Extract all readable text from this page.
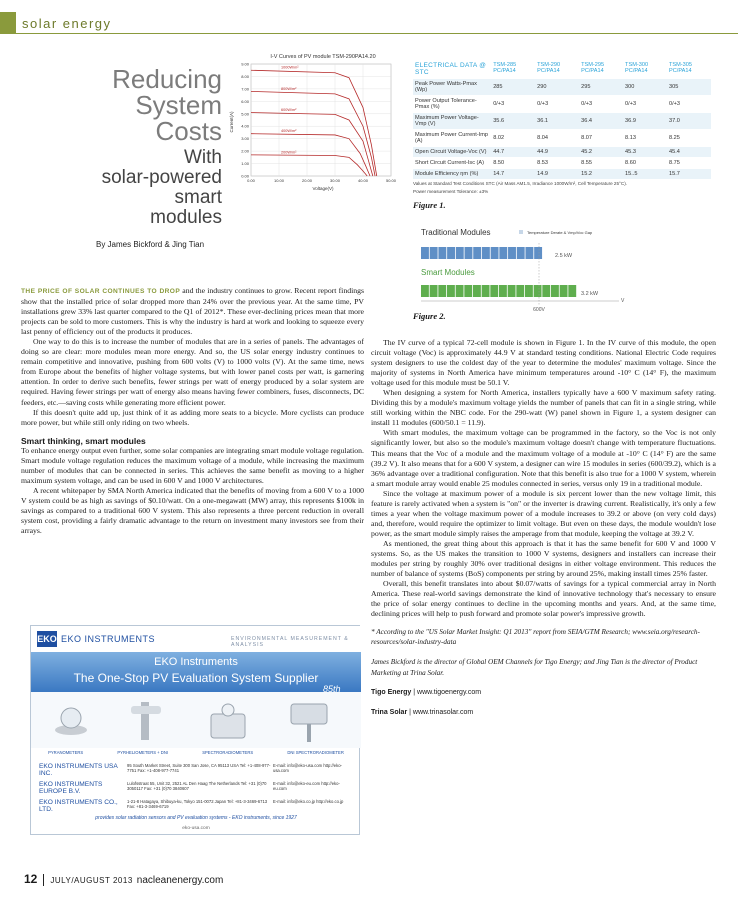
solar energy
Reducing
System
Costs
With
solar-powered
smart
modules
By James Bickford & Jing Tian
I-V Curves of PV module TSM-290PA14.20
1000W/m²
800W/m²
600W/m²
400W/m²
200W/m²
0.00
1.00
2.00
3.00
4.00
5.00
6.00
7.00
8.00
9.00
0.00	10.00	20.00	30.00	40.00	50.00
Voltage(V)
Current(A)
ELECTRICAL DATA @ STC	TSM-285 PC/PA14	TSM-290 PC/PA14	TSM-295 PC/PA14	TSM-300 PC/PA14	TSM-305 PC/PA14
Peak Power Watts-Pmax (Wp)	285	290	295	300	305
Power Output Tolerance-Pmax (%)	0/+3	0/+3	0/+3	0/+3	0/+3
Maximum Power Voltage-Vmp (V)	35.6	36.1	36.4	36.9	37.0
Maximum Power Current-Imp (A)	8.02	8.04	8.07	8.13	8.25
Open Circuit Voltage-Voc (V)	44.7	44.9	45.2	45.3	45.4
Short Circuit Current-Isc (A)	8.50	8.53	8.55	8.60	8.75
Module Efficiency ηm (%)	14.7	14.9	15.2	15..5	15.7
Values at Standard Test Conditions STC (Air Mass AM1.5, Irradiance 1000W/m², Cell Temperature 25°C).
Power measurement Tolerance: ±3%
Figure 1.
Traditional Modules	Temperature Derate & Vmp/Voc Gap
2.5 kW
Smart Modules
3.2 kW
600V
V
Figure 2.

THE PRICE OF SOLAR CONTINUES TO DROP and the industry continues to grow. Recent report findings show that the installed price of solar dropped more than 24% over the previous year. At the same time, PV installations grew 33% last quarter compared to the Q1 of 2012*. These ever-declining prices mean that more projects can be sold to more customers. This is why the industry is hard at work and looking to squeeze every last penny of efficiency out of the products it produces.

One way to do this is to increase the number of modules that are in a series of panels. The advantages of doing so are clear: more modules mean more energy. And so, the US solar energy industry continues to remain competitive and innovative, pushing from 600 volts (V) to 1000 volts (V). At the same time, news from Europe about the benefits of higher voltage systems, but with lower panel costs per watt, is garnering attention. In order to derive such benefits, fewer strings per watt of energy produced by a solar system are required. Having fewer strings per watt of energy also means having fewer combiners, fuses, disconnects, DC feeders, etc.—saving costs while generating more efficient power.

If this doesn't quite add up, just think of it as adding more seats to a bicycle. More cyclists can produce more power, but while still only riding on two wheels.

Smart thinking, smart modules

To enhance energy output even further, some solar companies are integrating smart module voltage regulation. Smart module voltage regulation reduces the maximum voltage of a module, while increasing the maximum number of modules that can be connected in series. This achieves the same benefit as moving to a higher maximum system voltage, and can be used in 600 V and 1000 V architectures.

A recent whitepaper by SMA North America indicated that the benefits of moving from a 600 V to a 1000 V system could be as high as savings of $0.10/watt. On a one-megawatt (MW) array, this represents $100k in savings as compared to a traditional 600 V system. This also represents a three percent reduction in overall system cost, providing a fairly dramatic advantage to the return on investment many investors see from their arrays.

The IV curve of a typical 72-cell module is shown in Figure 1. In the IV curve of this module, the open circuit voltage (Voc) is approximately 44.9 V at standard testing conditions. National Electric Code requires system designers to use the coldest day of the year to determine the modules' maximum voltage. Since the majority of systems in North America have minimum temperatures around -10° C (14° F), the maximum voltage used for this module must be 50.1 V.

When designing a system for North America, installers typically have a 600 V maximum safety rating. Dividing this by a module's maximum voltage yields the number of panels that can fit in a single string, while still working within the NBC code. For the 290-watt (W) panel shown in Figure 1, a system designer can install 11 modules (600/50.1 = 11.9).

With smart modules, the maximum voltage can be programmed in the factory, so the Voc is not only significantly lower, but also so the module's maximum voltage doesn't change with temperature fluctuations. This means that the Voc of a module and the maximum voltage of a module at -10° C (14° F) are the same (39.2 V). It also means that for a 600 V system, a designer can wire 15 modules in series (600/39.2), which is a 36% advantage over a traditional configuration. Note that this benefit is also true for a 1000 V system, wherein a smart module array would enable 25 modules connected in series, versus only 19 in a traditional module.

Since the voltage at maximum power of a module is six percent lower than the new voltage limit, this feature is rarely activated when a system is "on" or the inverter is drawing current. Realistically, it's only a few times a year when the voltage maximum power of a module increases to 39.2 or above (on very cold days) and, therefore, would require the optimizer to limit voltage. But even on these days, the module wouldn't lose power, as the smart module simply raises the amperage from that module, keeping the voltage at 39.2 V.

As mentioned, the great thing about this approach is that it has the same benefit for 600 V and 1000 V systems. So, as the US makes the transition to 1000 V systems, designers and installers can increase their modules per string by roughly 30% over traditional designs in either voltage environment. This reduces the number of balance of systems (BoS) components per string by around 25%, making install times 25% faster.

Overall, this benefit translates into about $0.07/watts of savings for a typical commercial array in North America. These real-world savings demonstrate the kind of innovative technology that's necessary to ensure the price of solar energy continues to decline in the upcoming months and years. And, at the same time, declining prices will help to push forward and promote solar power's impressive growth.

* According to the "US Solar Market Insight: Q1 2013" report from SEIA/GTM Research; www.seia.org/research-resources/solar-industry-data
James Bickford is the director of Global OEM Channels for Tigo Energy; and Jing Tian is the director of Product Marketing at Trina Solar.
Tigo Energy | www.tigoenergy.com
Trina Solar | www.trinasolar.com
EKO EKO INSTRUMENTS	ENVIRONMENTAL MEASUREMENT & ANALYSIS
EKO Instruments
The One-Stop PV Evaluation System Supplier
85th
PYRANOMETERS	PYRHELIOMETERS + DNI	SPECTRORADIOMETERS	DNI SPECTRORADIOMETER
EKO INSTRUMENTS USA INC.
95 South Market Street, Suite 300 San Jose, CA 95113 USA Tel: +1-408-977-7751 Fax: +1-408-977-7741
E-mail: info@eko-usa.com http://eko-usa.com
EKO INSTRUMENTS EUROPE B.V.
Lulofsstraat 55, Unit 32, 2521 AL Den Haag The Netherlands Tel: +31 (0)70 3050117 Fax: +31 (0)70 3840607
E-mail: info@eko-eu.com http://eko-eu.com
EKO INSTRUMENTS CO., LTD.
1-21-8 Hatagaya, Shibuya-ku, Tokyo 151-0072 Japan Tel: +81-3-3469-6713 Fax: +81-3-3469-6719
E-mail: info@eko.co.jp http://eko.co.jp
provides solar radiation sensors and PV evaluation systems - EKO instruments, since 1927
eko-usa.com
12 JULY/AUGUST 2013 nacleanenergy.com
